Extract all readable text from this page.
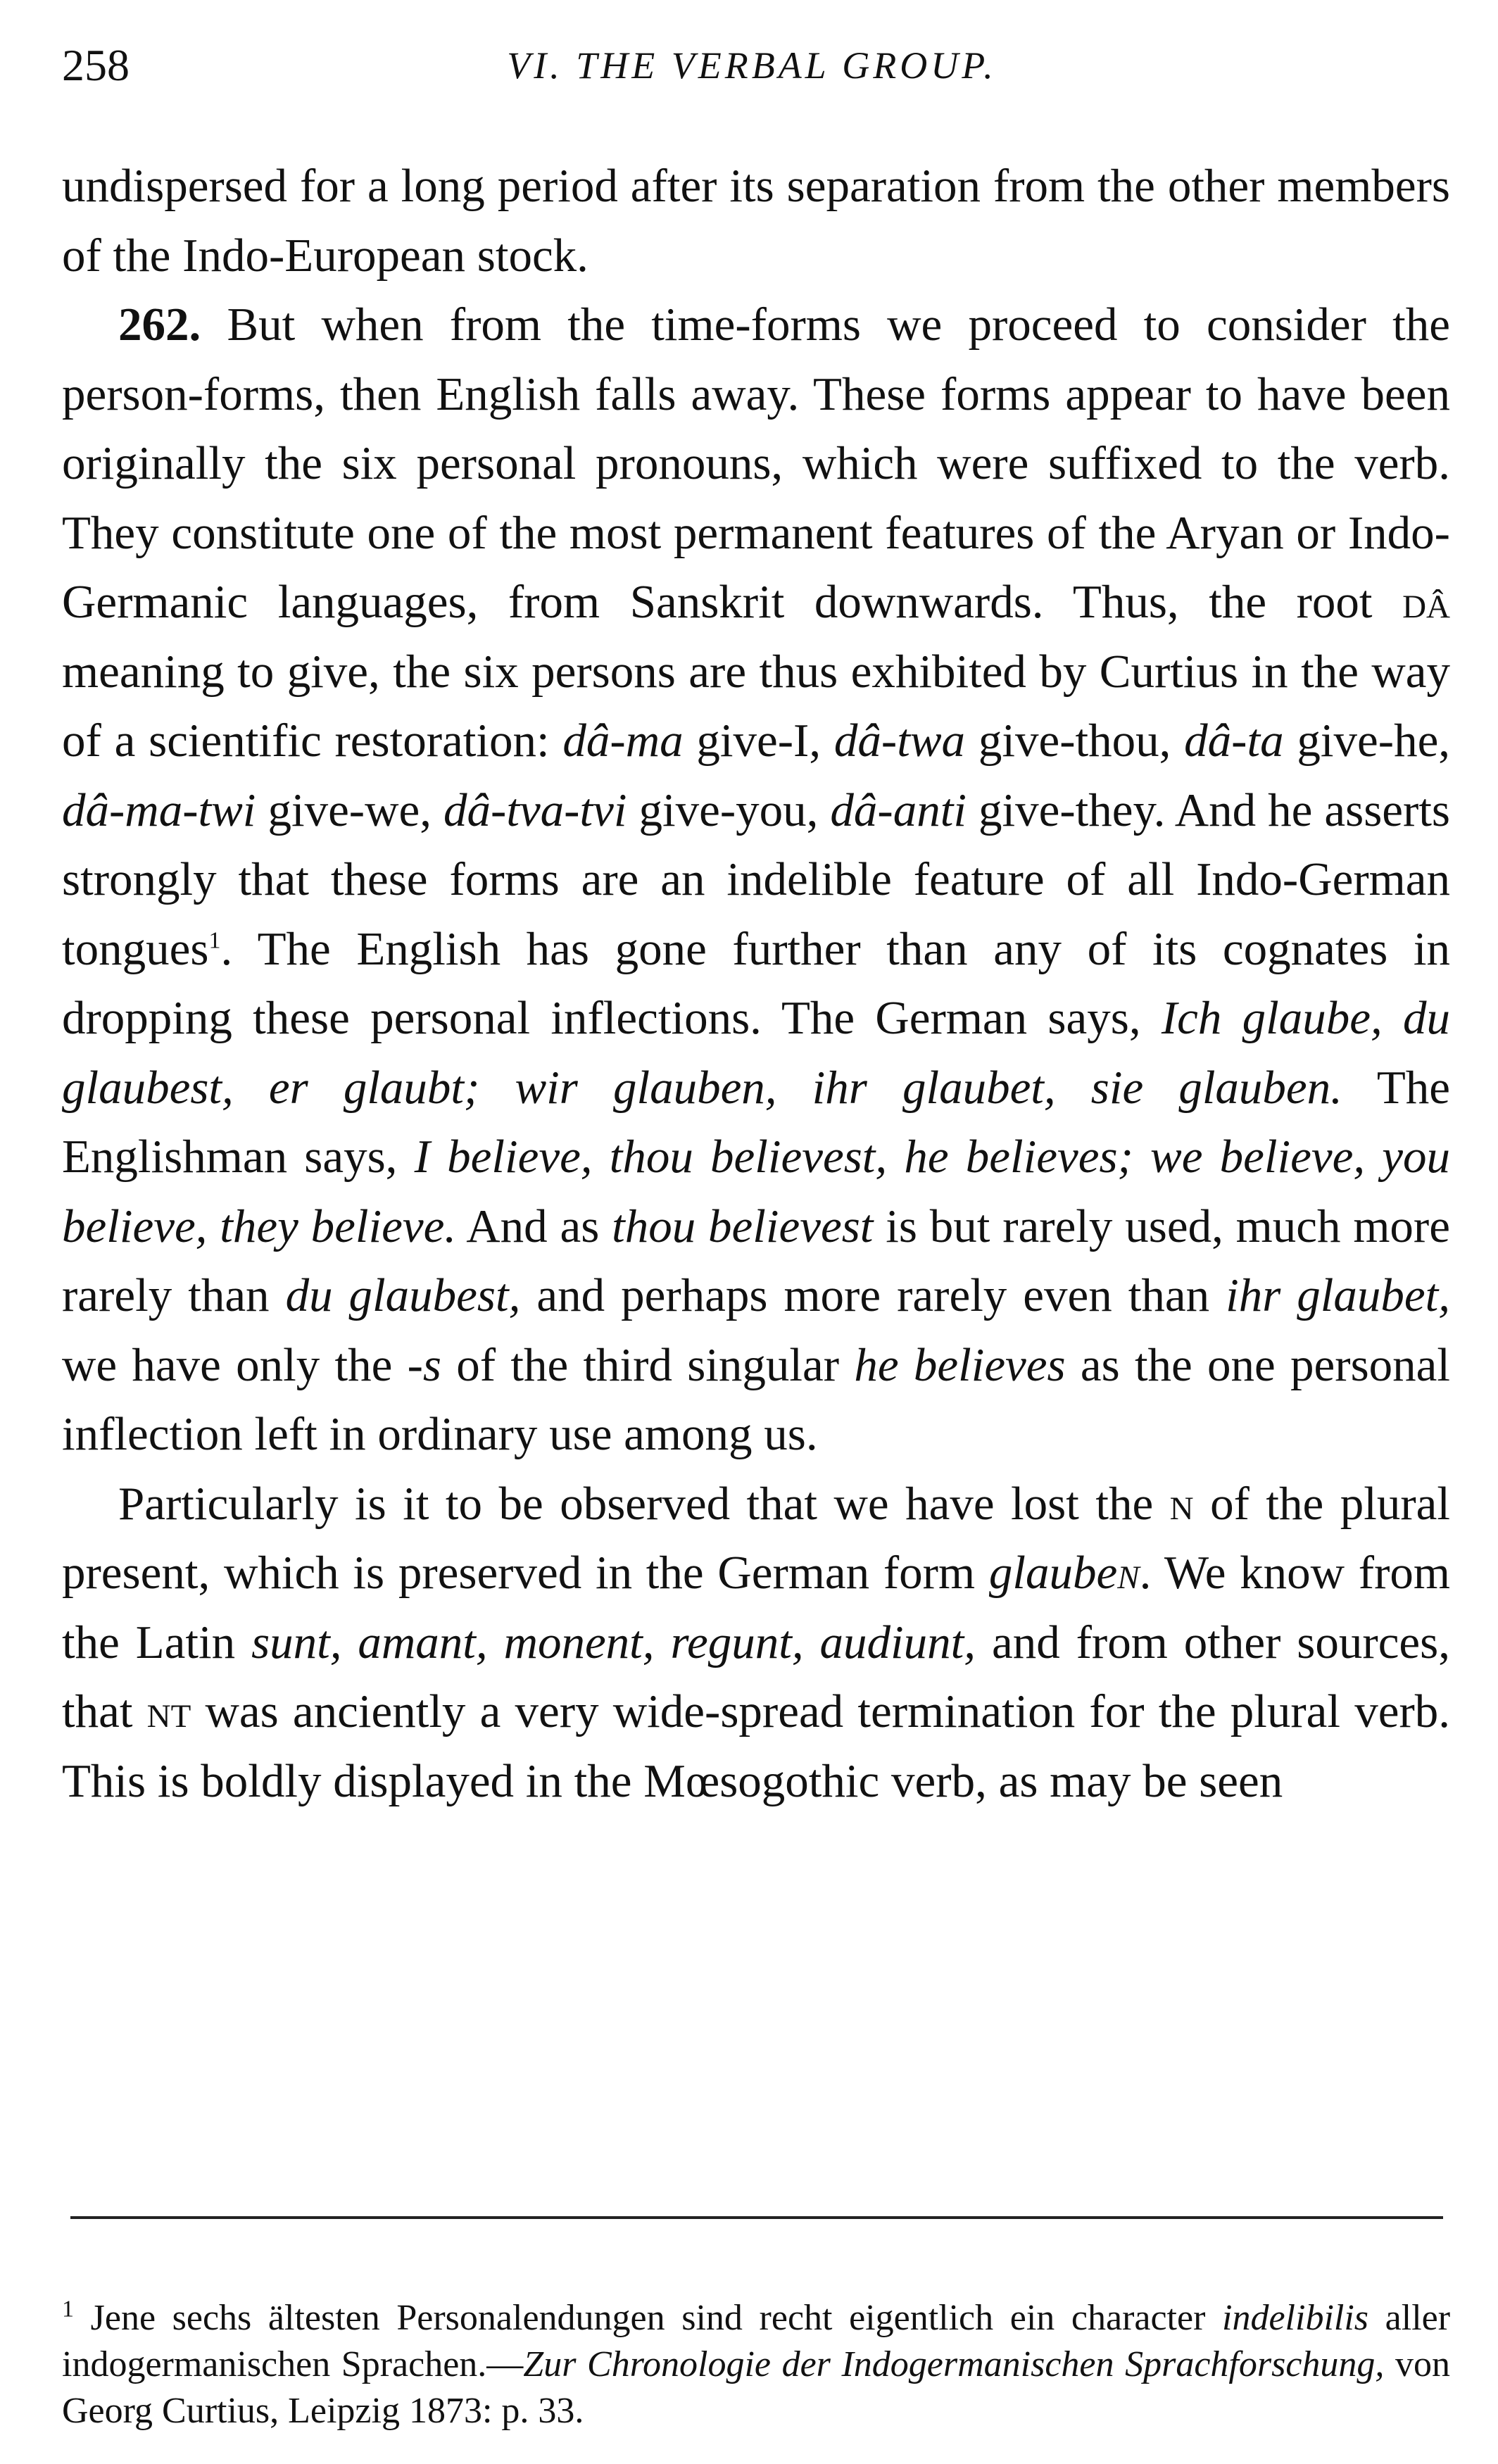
258	VI. THE VERBAL GROUP.

undispersed for a long period after its separation from the other members of the Indo-European stock.

262. But when from the time-forms we proceed to consider the person-forms, then English falls away. These forms appear to have been originally the six personal pronouns, which were suffixed to the verb. They constitute one of the most permanent features of the Aryan or Indo-Germanic languages, from Sanskrit downwards. Thus, the root dâ meaning to give, the six persons are thus exhibited by Curtius in the way of a scientific restoration: dâ-ma give-I, dâ-twa give-thou, dâ-ta give-he, dâ-ma-twi give-we, dâ-tva-tvi give-you, dâ-anti give-they. And he asserts strongly that these forms are an indelible feature of all Indo-German tongues$^1$. The English has gone further than any of its cognates in dropping these personal inflections. The German says, Ich glaube, du glaubest, er glaubt; wir glauben, ihr glaubet, sie glauben. The Englishman says, I believe, thou believest, he believes; we believe, you believe, they believe. And as thou believest is but rarely used, much more rarely than du glaubest, and perhaps more rarely even than ihr glaubet, we have only the -s of the third singular he believes as the one personal inflection left in ordinary use among us.

Particularly is it to be observed that we have lost the n of the plural present, which is preserved in the German form glauben. We know from the Latin sunt, amant, monent, regunt, audiunt, and from other sources, that nt was anciently a very wide-spread termination for the plural verb. This is boldly displayed in the Mœsogothic verb, as may be seen

$^1$ Jene sechs ältesten Personalendungen sind recht eigentlich ein character indelibilis aller indogermanischen Sprachen.—Zur Chronologie der Indogermanischen Sprachforschung, von Georg Curtius, Leipzig 1873: p. 33.
